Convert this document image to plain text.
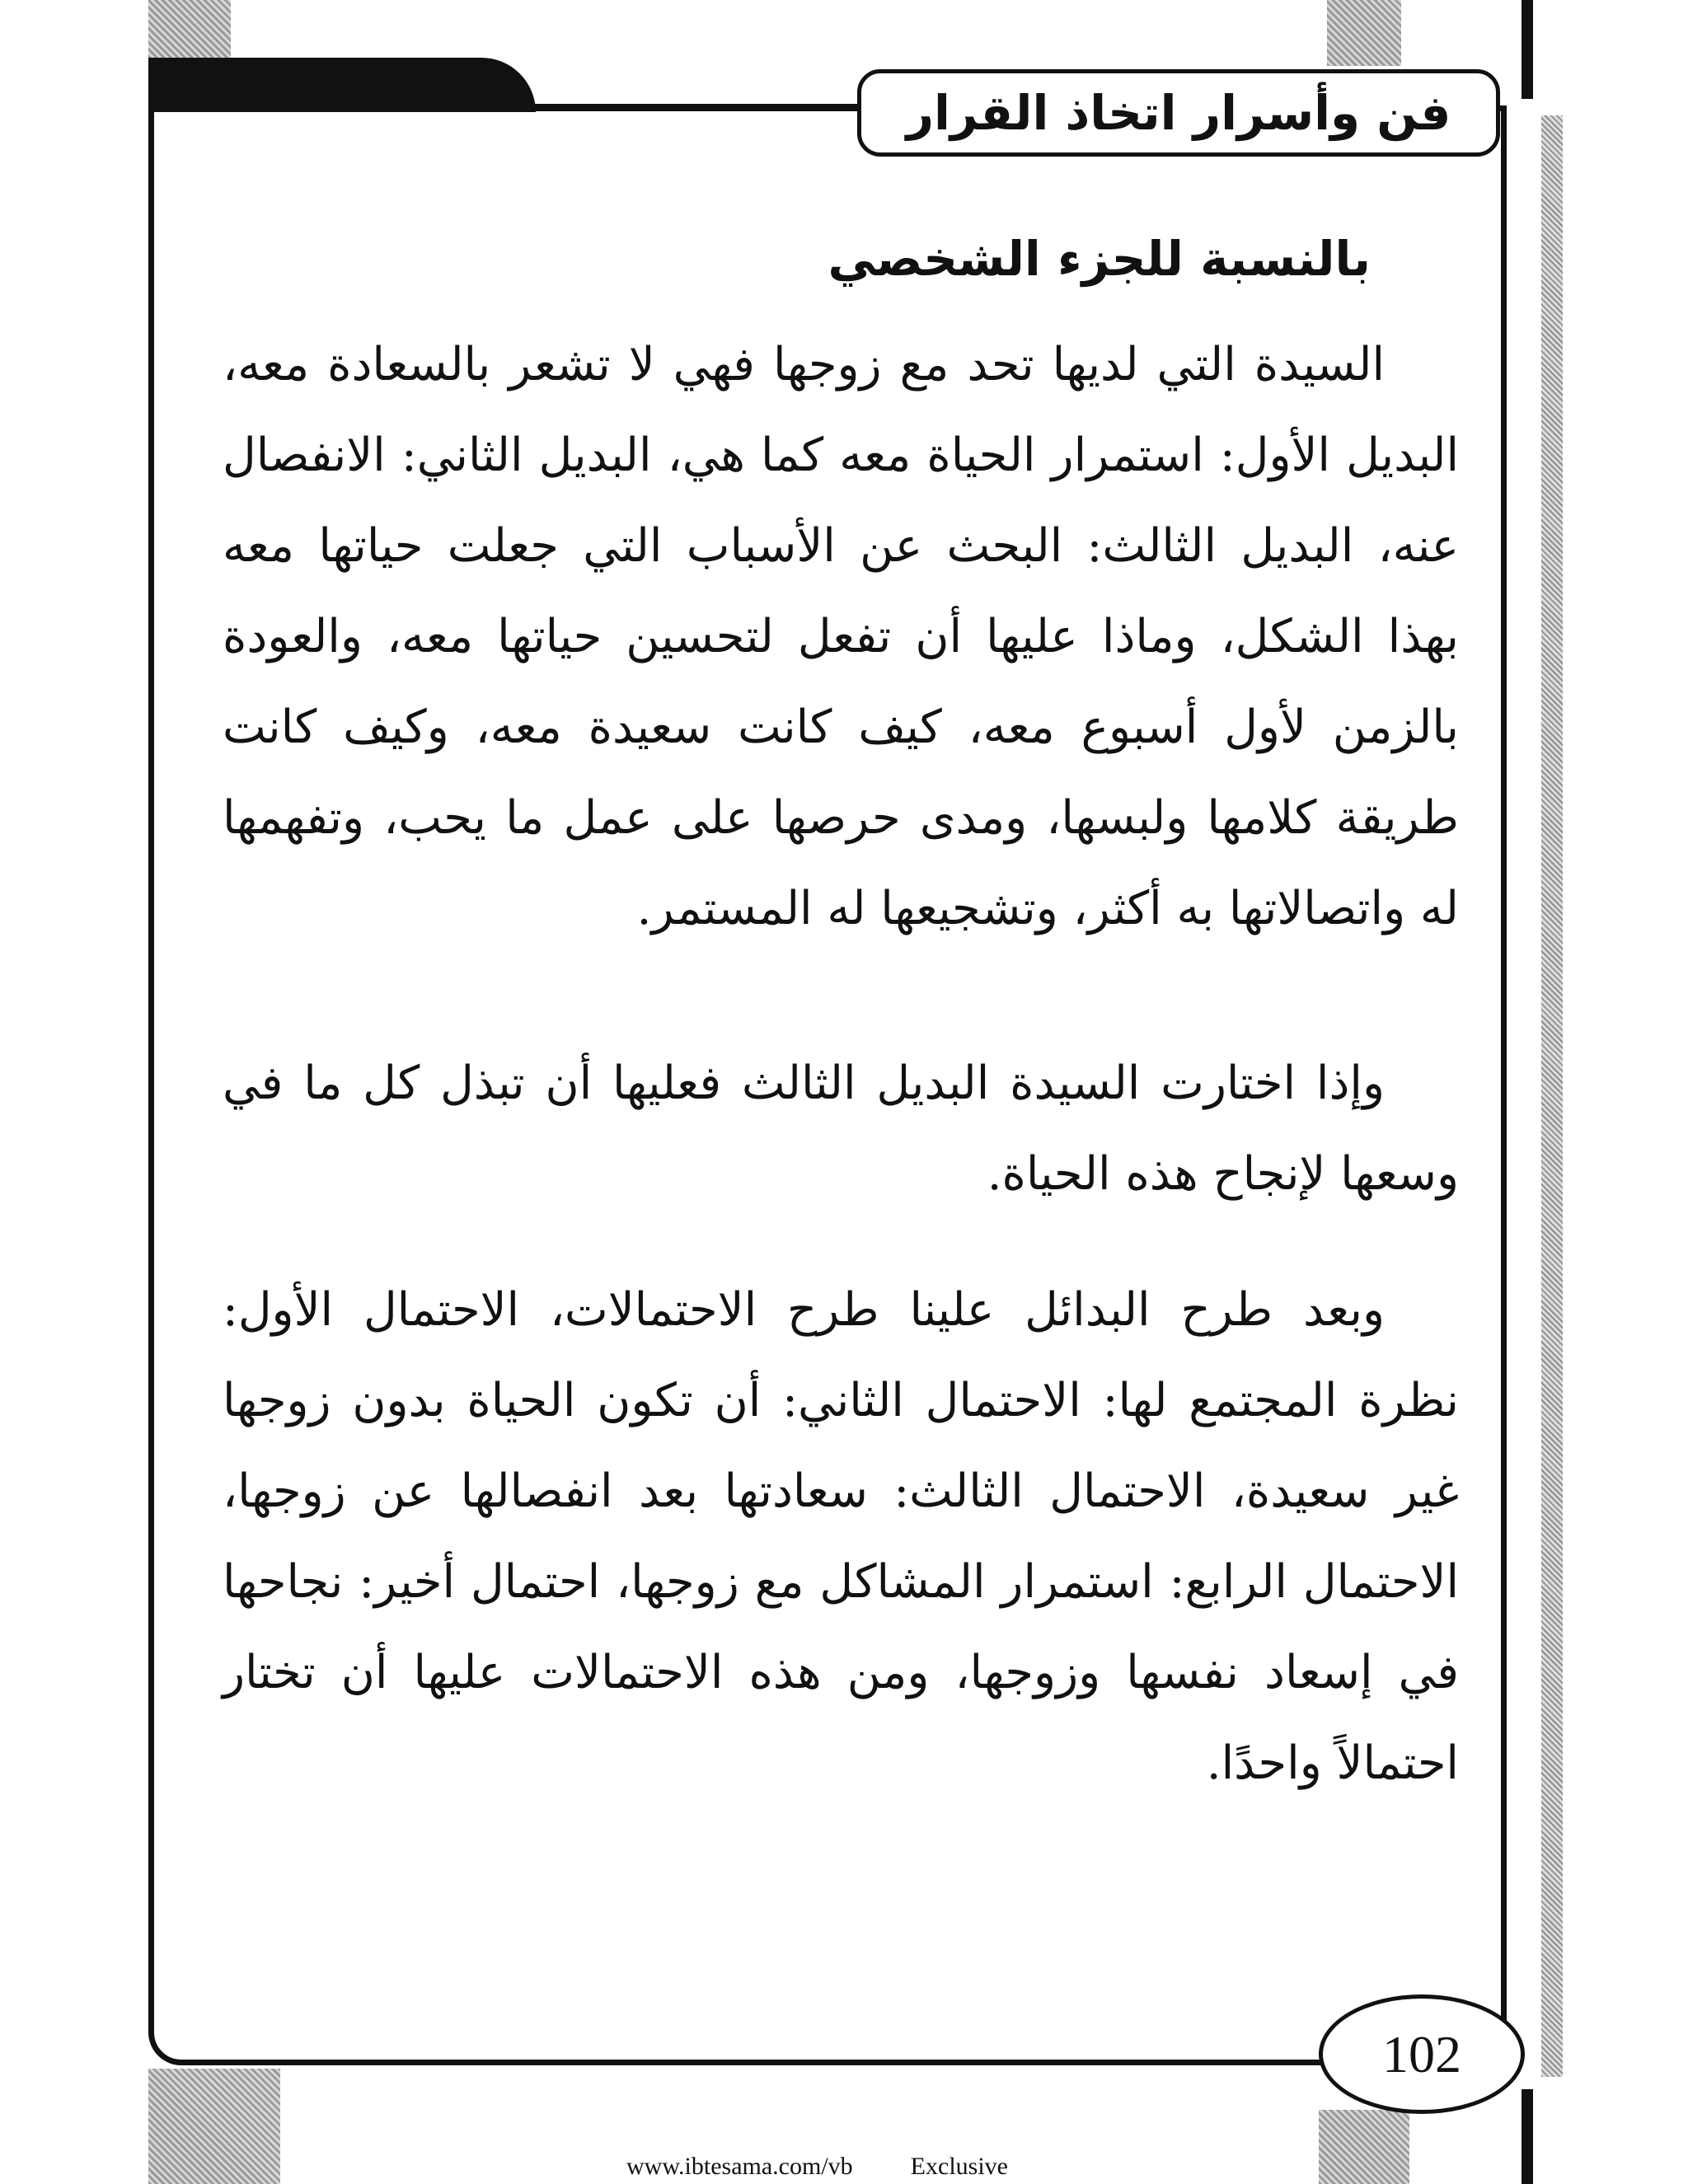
فن وأسرار اتخاذ القرار
بالنسبة للجزء الشخصي

السيدة التي لديها تحد مع زوجها فهي لا تشعر بالسعادة معه، البديل الأول: استمرار الحياة معه كما هي، البديل الثاني: الانفصال عنه، البديل الثالث: البحث عن الأسباب التي جعلت حياتها معه بهذا الشكل، وماذا عليها أن تفعل لتحسين حياتها معه، والعودة بالزمن لأول أسبوع معه، كيف كانت سعيدة معه، وكيف كانت طريقة كلامها ولبسها، ومدى حرصها على عمل ما يحب، وتفهمها له واتصالاتها به أكثر، وتشجيعها له المستمر.

وإذا اختارت السيدة البديل الثالث فعليها أن تبذل كل ما في وسعها لإنجاح هذه الحياة.

وبعد طرح البدائل علينا طرح الاحتمالات، الاحتمال الأول: نظرة المجتمع لها: الاحتمال الثاني: أن تكون الحياة بدون زوجها غير سعيدة، الاحتمال الثالث: سعادتها بعد انفصالها عن زوجها، الاحتمال الرابع: استمرار المشاكل مع زوجها، احتمال أخير: نجاحها في إسعاد نفسها وزوجها، ومن هذه الاحتمالات عليها أن تختار احتمالاً واحدًا.

102
www.ibtesama.com/vb Exclusive
